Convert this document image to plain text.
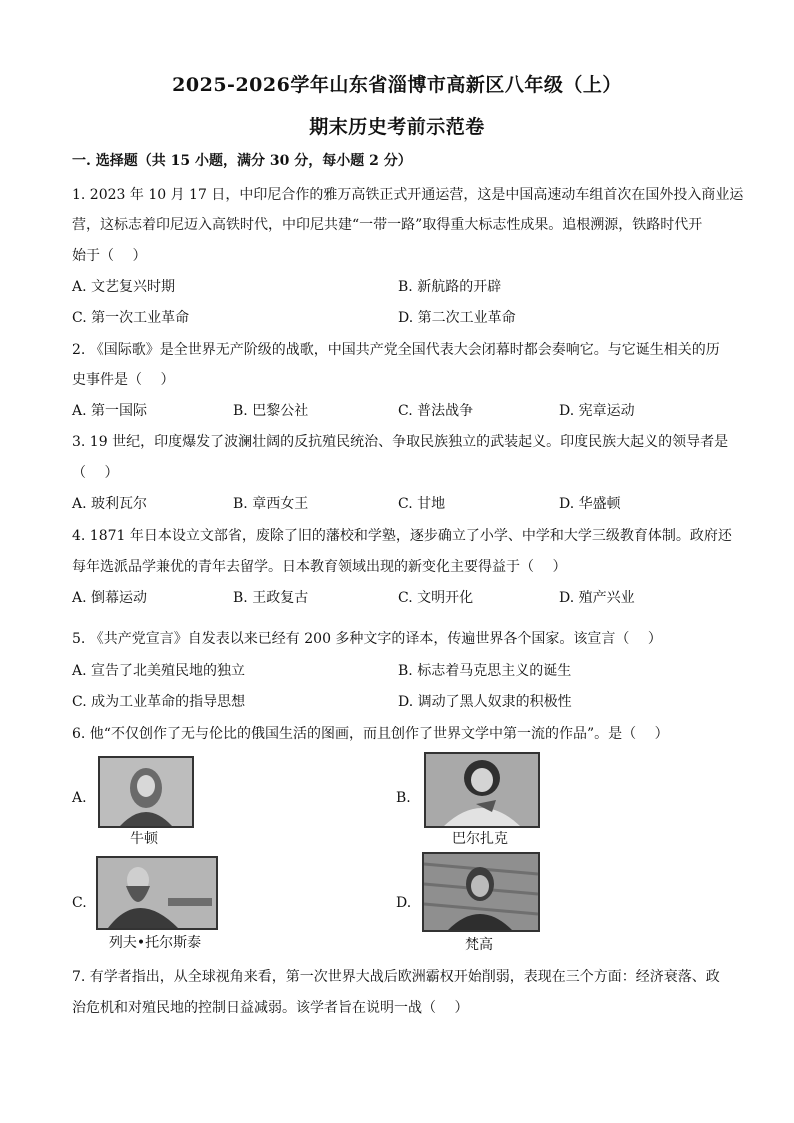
2025-2026学年山东省淄博市高新区八年级（上）
期末历史考前示范卷
一. 选择题（共 15 小题，满分 30 分，每小题 2 分）
1. 2023 年 10 月 17 日，中印尼合作的雅万高铁正式开通运营，这是中国高速动车组首次在国外投入商业运
营，这标志着印尼迈入高铁时代，中印尼共建“一带一路”取得重大标志性成果。追根溯源，铁路时代开
始于（　 ）
A. 文艺复兴时期	B. 新航路的开辟
C. 第一次工业革命	D. 第二次工业革命
2. 《国际歌》是全世界无产阶级的战歌，中国共产党全国代表大会闭幕时都会奏响它。与它诞生相关的历
史事件是（　 ）
A. 第一国际	B. 巴黎公社	C. 普法战争	D. 宪章运动
3. 19 世纪，印度爆发了波澜壮阔的反抗殖民统治、争取民族独立的武装起义。印度民族大起义的领导者是
（　 ）
A. 玻利瓦尔	B. 章西女王	C. 甘地	D. 华盛顿
4. 1871 年日本设立文部省，废除了旧的藩校和学塾，逐步确立了小学、中学和大学三级教育体制。政府还
每年选派品学兼优的青年去留学。日本教育领域出现的新变化主要得益于（　 ）
A. 倒幕运动	B. 王政复古	C. 文明开化	D. 殖产兴业
5. 《共产党宣言》自发表以来已经有 200 多种文字的译本，传遍世界各个国家。该宣言（　 ）
A. 宣告了北美殖民地的独立	B. 标志着马克思主义的诞生
C. 成为工业革命的指导思想	D. 调动了黑人奴隶的积极性
6. 他“不仅创作了无与伦比的俄国生活的图画，而且创作了世界文学中第一流的作品”。是（　 ）
A.
牛顿
B.
巴尔扎克
C.
列夫•托尔斯泰
D.
梵高
7. 有学者指出，从全球视角来看，第一次世界大战后欧洲霸权开始削弱，表现在三个方面：经济衰落、政
治危机和对殖民地的控制日益减弱。该学者旨在说明一战（　 ）
